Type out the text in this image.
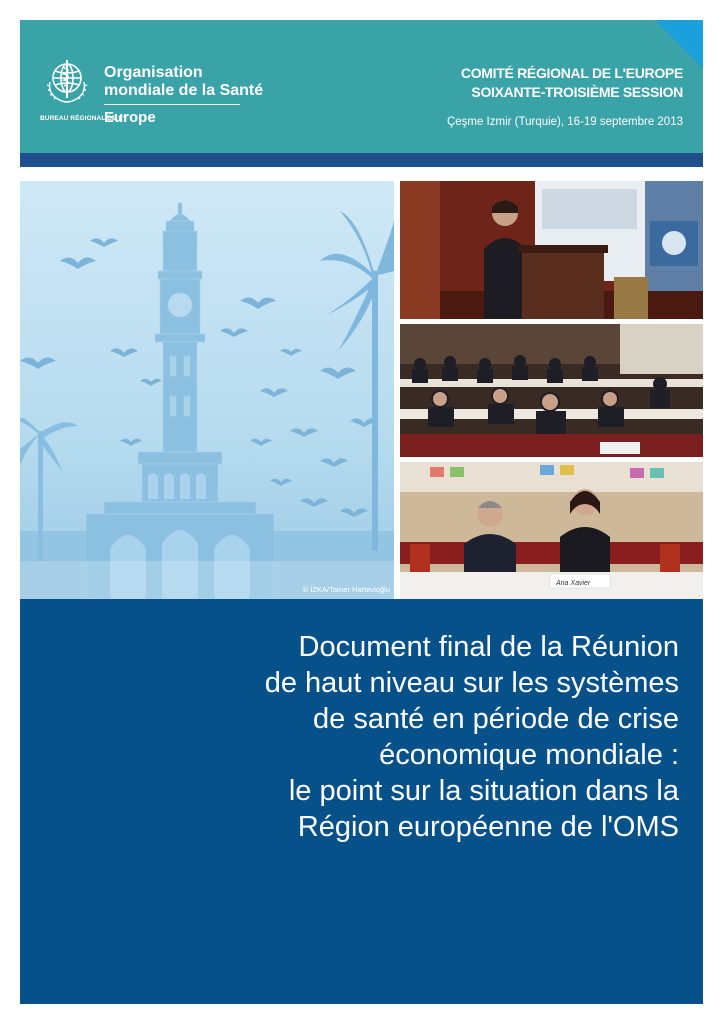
Organisation
mondiale de la Santé
BUREAU RÉGIONAL DE L'
Europe
COMITÉ RÉGIONAL DE L'EUROPE
SOIXANTE-TROISIÈME SESSION
Çeşme Izmir (Turquie), 16-19 septembre 2013
© İZKA/Tamer Hartevioğlu
Ana Xavier
Document final de la Réunion
de haut niveau sur les systèmes
de santé en période de crise
économique mondiale :
le point sur la situation dans la
Région européenne de l'OMS
